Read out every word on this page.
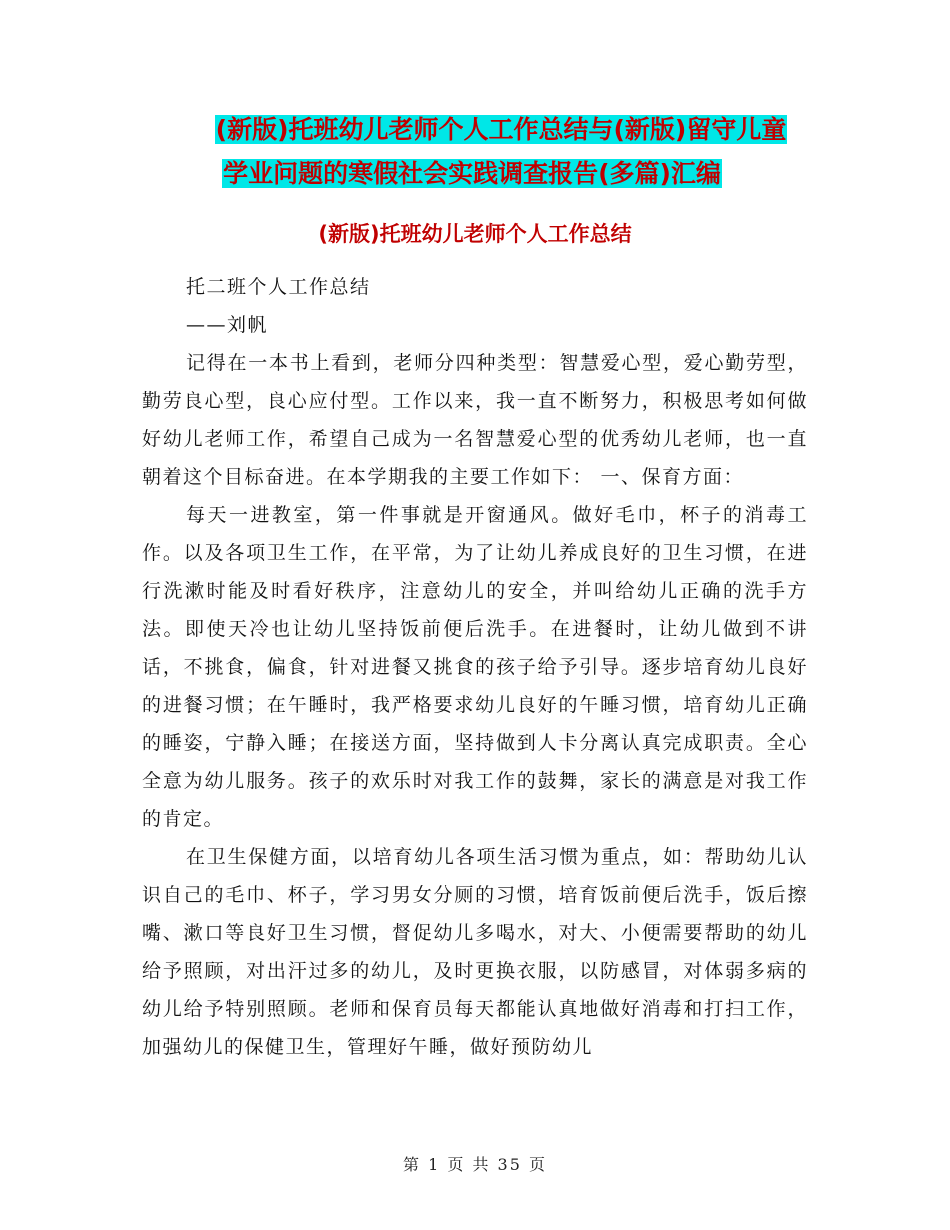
(新版)托班幼儿老师个人工作总结与(新版)留守儿童
学业问题的寒假社会实践调查报告(多篇)汇编
(新版)托班幼儿老师个人工作总结

托二班个人工作总结

——刘帆

记得在一本书上看到，老师分四种类型：智慧爱心型，爱心勤劳型，勤劳良心型，良心应付型。工作以来，我一直不断努力，积极思考如何做好幼儿老师工作，希望自己成为一名智慧爱心型的优秀幼儿老师，也一直朝着这个目标奋进。在本学期我的主要工作如下： 一、保育方面：

每天一进教室，第一件事就是开窗通风。做好毛巾，杯子的消毒工作。以及各项卫生工作，在平常，为了让幼儿养成良好的卫生习惯，在进行洗漱时能及时看好秩序，注意幼儿的安全，并叫给幼儿正确的洗手方法。即使天冷也让幼儿坚持饭前便后洗手。在进餐时，让幼儿做到不讲话，不挑食，偏食，针对进餐又挑食的孩子给予引导。逐步培育幼儿良好的进餐习惯；在午睡时，我严格要求幼儿良好的午睡习惯，培育幼儿正确的睡姿，宁静入睡；在接送方面，坚持做到人卡分离认真完成职责。全心全意为幼儿服务。孩子的欢乐时对我工作的鼓舞，家长的满意是对我工作的肯定。

在卫生保健方面，以培育幼儿各项生活习惯为重点，如：帮助幼儿认识自己的毛巾、杯子，学习男女分厕的习惯，培育饭前便后洗手，饭后擦嘴、漱口等良好卫生习惯，督促幼儿多喝水，对大、小便需要帮助的幼儿给予照顾，对出汗过多的幼儿，及时更换衣服，以防感冒，对体弱多病的幼儿给予特别照顾。老师和保育员每天都能认真地做好消毒和打扫工作，加强幼儿的保健卫生，管理好午睡，做好预防幼儿

第 1 页 共 35 页
